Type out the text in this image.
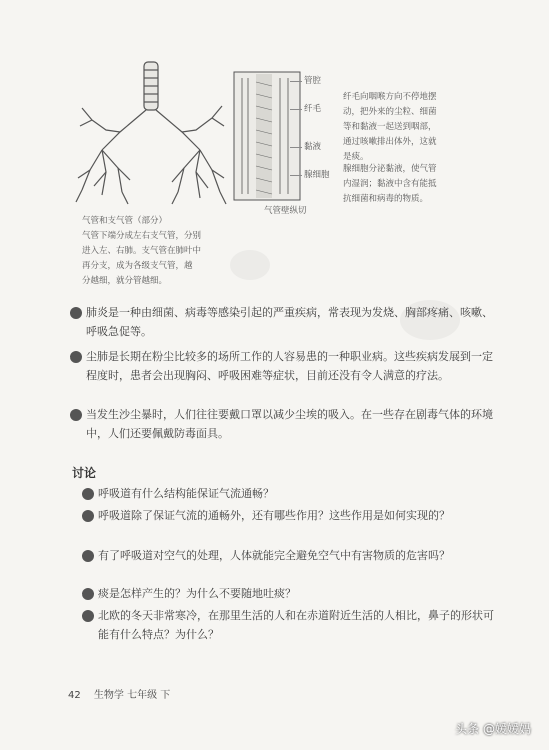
管腔
纤毛
黏液
腺细胞
纤毛向咽喉方向不停地摆
动，把外来的尘粒、细菌
等和黏液一起送到咽部，
通过咳嗽排出体外，这就
是痰。
腺细胞分泌黏液，使气管
内湿润；黏液中含有能抵
抗细菌和病毒的物质。
气管壁纵切
气管和支气管（部分）
气管下端分成左右支气管，分别
进入左、右肺。支气管在肺叶中
再分支，成为各级支气管，越
分越细，就分管越细。
3 肺炎是一种由细菌、病毒等感染引起的严重疾病，常表现为发烧、胸部疼痛、咳嗽、呼吸急促等。
4 尘肺是长期在粉尘比较多的场所工作的人容易患的一种职业病。这些疾病发展到一定程度时，患者会出现胸闷、呼吸困难等症状，目前还没有令人满意的疗法。
5 当发生沙尘暴时，人们往往要戴口罩以减少尘埃的吸入。在一些存在剧毒气体的环境中，人们还要佩戴防毒面具。
讨论
1 呼吸道有什么结构能保证气流通畅？
2 呼吸道除了保证气流的通畅外，还有哪些作用？这些作用是如何实现的？
3 有了呼吸道对空气的处理，人体就能完全避免空气中有害物质的危害吗？
4 痰是怎样产生的？为什么不要随地吐痰？
5 北欧的冬天非常寒冷，在那里生活的人和在赤道附近生活的人相比，鼻子的形状可能有什么特点？为什么？
42 生物学 七年级 下
头条 @媛媛妈
